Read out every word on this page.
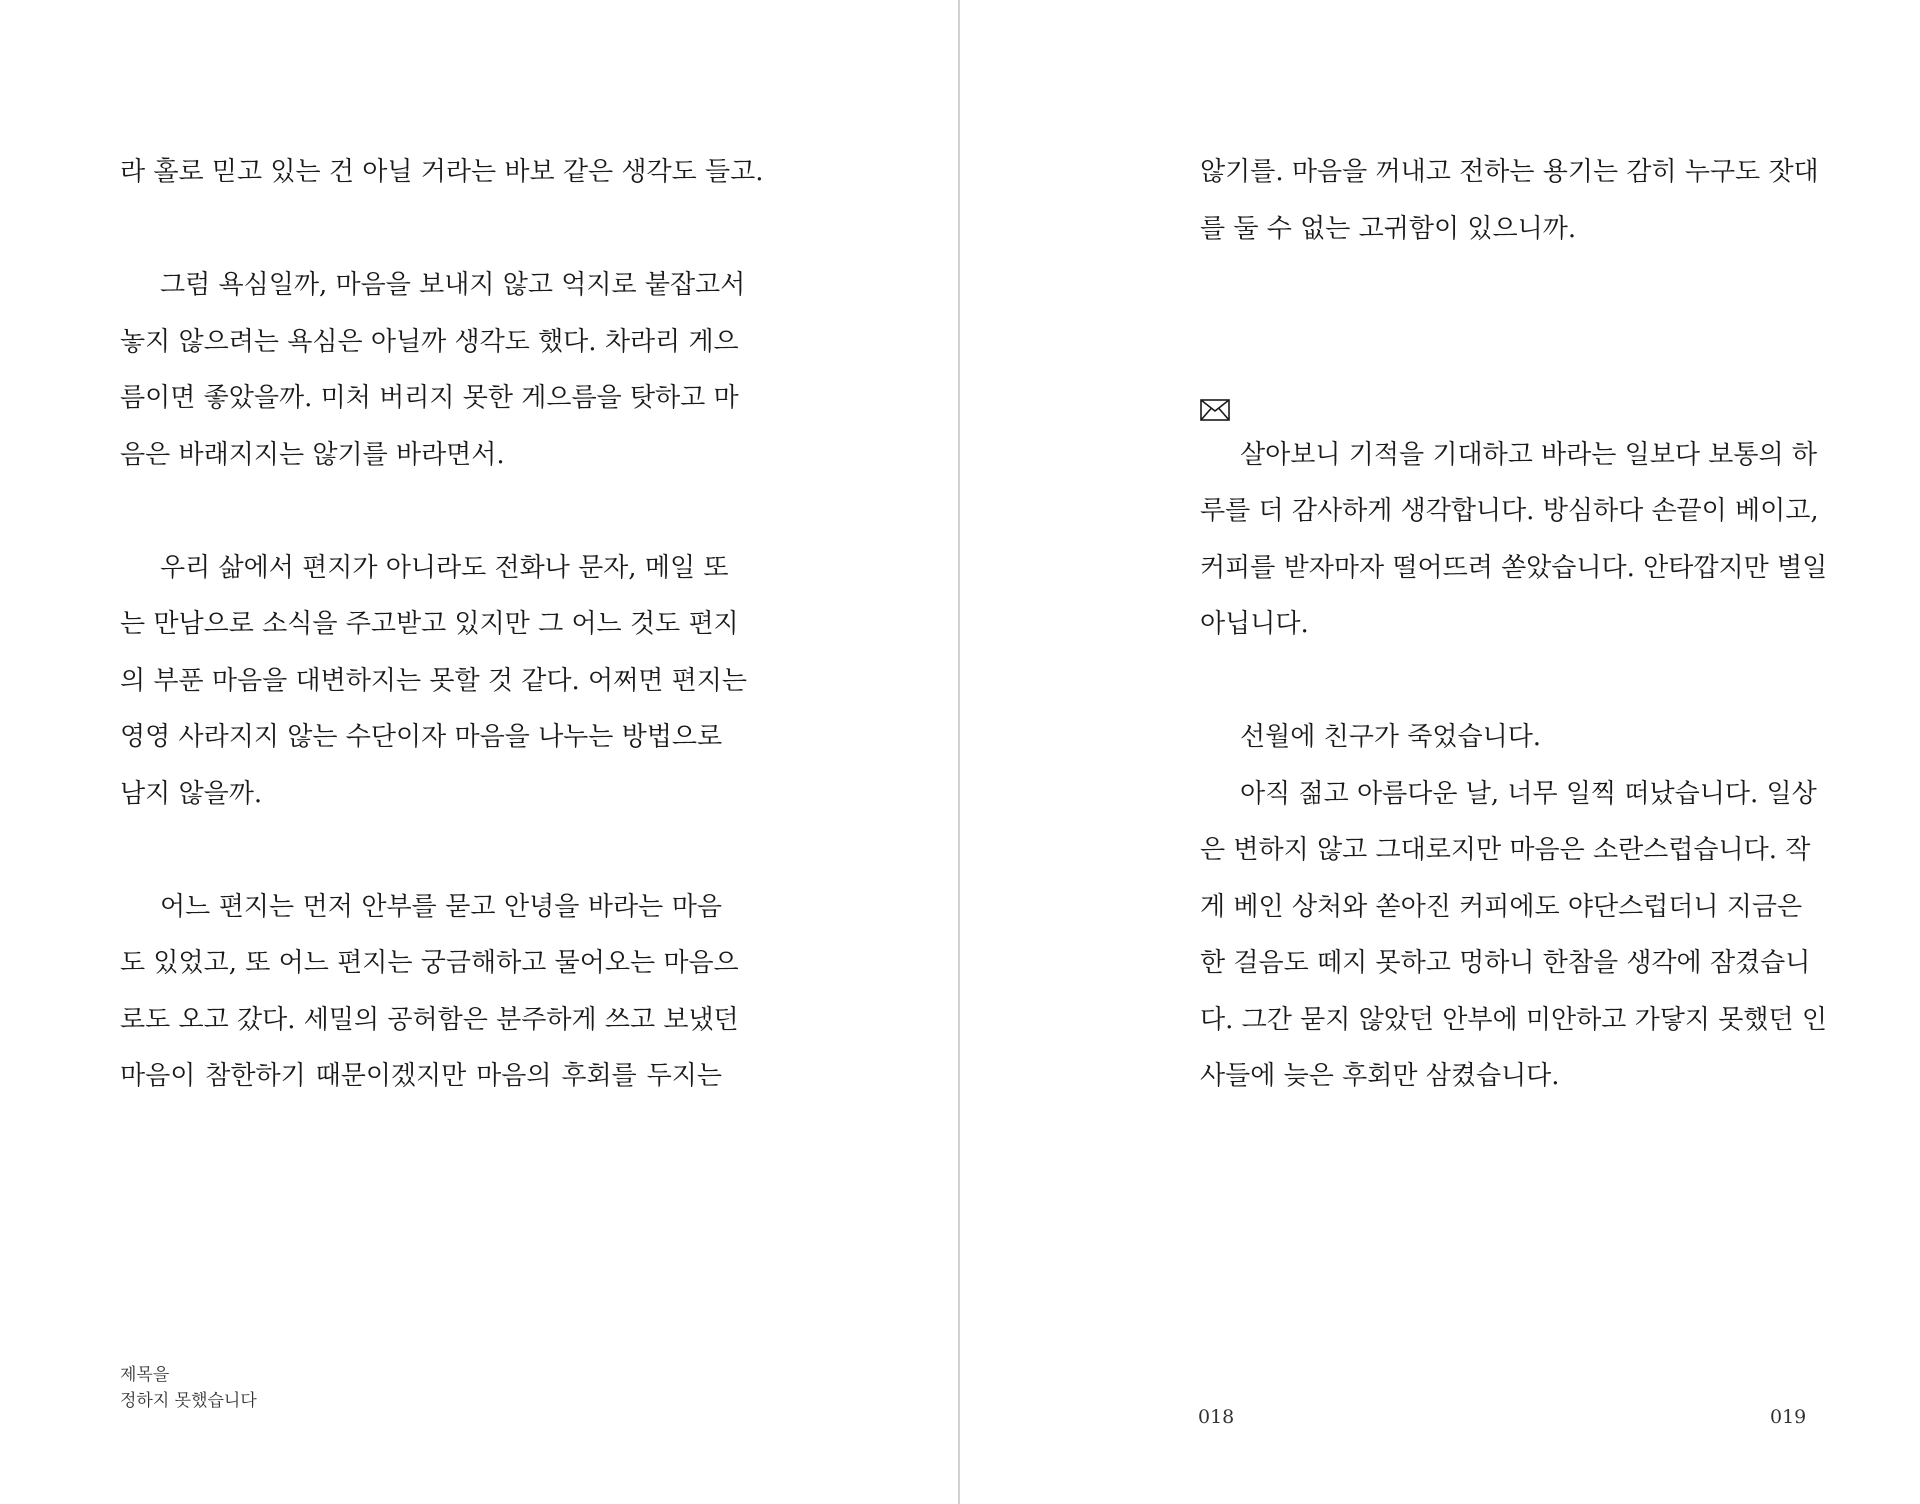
라 홀로 믿고 있는 건 아닐 거라는 바보 같은 생각도 들고.
그럼 욕심일까, 마음을 보내지 않고 억지로 붙잡고서
놓지 않으려는 욕심은 아닐까 생각도 했다. 차라리 게으
름이면 좋았을까. 미처 버리지 못한 게으름을 탓하고 마
음은 바래지지는 않기를 바라면서.
우리 삶에서 편지가 아니라도 전화나 문자, 메일 또
는 만남으로 소식을 주고받고 있지만 그 어느 것도 편지
의 부푼 마음을 대변하지는 못할 것 같다. 어쩌면 편지는
영영 사라지지 않는 수단이자 마음을 나누는 방법으로
남지 않을까.
어느 편지는 먼저 안부를 묻고 안녕을 바라는 마음
도 있었고, 또 어느 편지는 궁금해하고 물어오는 마음으
로도 오고 갔다. 세밀의 공허함은 분주하게 쓰고 보냈던
마음이 참한하기 때문이겠지만 마음의 후회를 두지는
제목을
정하지 못했습니다
않기를. 마음을 꺼내고 전하는 용기는 감히 누구도 잣대
를 둘 수 없는 고귀함이 있으니까.
살아보니 기적을 기대하고 바라는 일보다 보통의 하
루를 더 감사하게 생각합니다. 방심하다 손끝이 베이고,
커피를 받자마자 떨어뜨려 쏟았습니다. 안타깝지만 별일
아닙니다.
선월에 친구가 죽었습니다.
아직 젊고 아름다운 날, 너무 일찍 떠났습니다. 일상
은 변하지 않고 그대로지만 마음은 소란스럽습니다. 작
게 베인 상처와 쏟아진 커피에도 야단스럽더니 지금은
한 걸음도 떼지 못하고 멍하니 한참을 생각에 잠겼습니
다. 그간 묻지 않았던 안부에 미안하고 가닿지 못했던 인
사들에 늦은 후회만 삼켰습니다.
018	019
